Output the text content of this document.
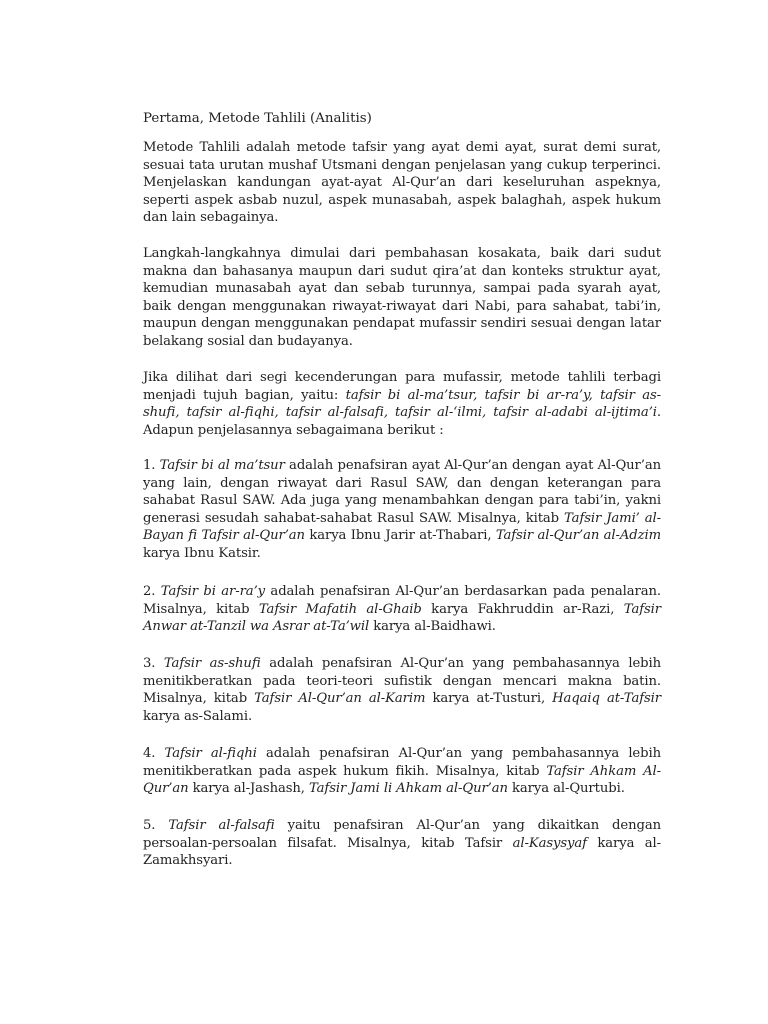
Pertama, Metode Tahlili (Analitis)

Metode Tahlili adalah metode tafsir yang ayat demi ayat, surat demi surat, sesuai tata urutan mushaf Utsmani dengan penjelasan yang cukup terperinci. Menjelaskan kandungan ayat-ayat Al-Qur’an dari keseluruhan aspeknya, seperti aspek asbab nuzul, aspek munasabah, aspek balaghah, aspek hukum dan lain sebagainya.

Langkah-langkahnya dimulai dari pembahasan kosakata, baik dari sudut makna dan bahasanya maupun dari sudut qira’at dan konteks struktur ayat, kemudian munasabah ayat dan sebab turunnya, sampai pada syarah ayat, baik dengan menggunakan riwayat-riwayat dari Nabi, para sahabat, tabi’in, maupun dengan menggunakan pendapat mufassir sendiri sesuai dengan latar belakang sosial dan budayanya.

Jika dilihat dari segi kecenderungan para mufassir, metode tahlili terbagi menjadi tujuh bagian, yaitu: tafsir bi al-ma’tsur, tafsir bi ar-ra’y, tafsir as-shufi, tafsir al-fiqhi, tafsir al-falsafi, tafsir al-‘ilmi, tafsir al-adabi al-ijtima’i. Adapun penjelasannya sebagaimana berikut :

1. Tafsir bi al ma’tsur adalah penafsiran ayat Al-Qur’an dengan ayat Al-Qur’an yang lain, dengan riwayat dari Rasul SAW, dan dengan keterangan para sahabat Rasul SAW. Ada juga yang menambahkan dengan para tabi’in, yakni generasi sesudah sahabat-sahabat Rasul SAW. Misalnya, kitab Tafsir Jami’ al-Bayan fi Tafsir al-Qur’an karya Ibnu Jarir at-Thabari, Tafsir al-Qur’an al-Adzim karya Ibnu Katsir.

2. Tafsir bi ar-ra’y adalah penafsiran Al-Qur’an berdasarkan pada penalaran. Misalnya, kitab Tafsir Mafatih al-Ghaib karya Fakhruddin ar-Razi, Tafsir Anwar at-Tanzil wa Asrar at-Ta’wil karya al-Baidhawi.

3. Tafsir as-shufi adalah penafsiran Al-Qur’an yang pembahasannya lebih menitikberatkan pada teori-teori sufistik dengan mencari makna batin. Misalnya, kitab Tafsir Al-Qur’an al-Karim karya at-Tusturi, Haqaiq at-Tafsir karya as-Salami.

4. Tafsir al-fiqhi adalah penafsiran Al-Qur’an yang pembahasannya lebih menitikberatkan pada aspek hukum fikih. Misalnya, kitab Tafsir Ahkam Al-Qur’an karya al-Jashash, Tafsir Jami li Ahkam al-Qur’an karya al-Qurtubi.

5. Tafsir al-falsafi yaitu penafsiran Al-Qur’an yang dikaitkan dengan persoalan-persoalan filsafat. Misalnya, kitab Tafsir al-Kasysyaf karya al-Zamakhsyari.
